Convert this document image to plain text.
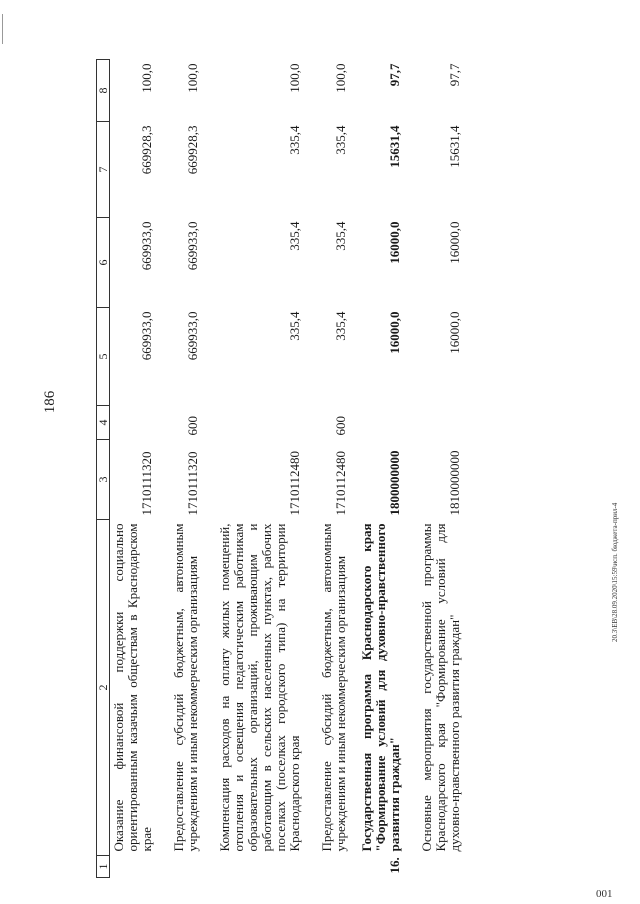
186
1	2	3	4	5	6	7	8
	Оказание финансовой поддержки социально ориентированным казачьим обществам в Краснодарском крае	1710111320		669933,0	669933,0	669928,3	100,0
	Предоставление субсидий бюджетным, автономным учреждениям и иным некоммерческим организациям	1710111320	600	669933,0	669933,0	669928,3	100,0
	Компенсация расходов на оплату жилых помещений, отопления и освещения педагогическим работникам образовательных организаций, проживающим и работающим в сельских населенных пунктах, рабочих поселках (поселках городского типа) на территории Краснодарского края	1710112480		335,4	335,4	335,4	100,0
	Предоставление субсидий бюджетным, автономным учреждениям и иным некоммерческим организациям	1710112480	600	335,4	335,4	335,4	100,0
16.	Государственная программа Краснодарского края "Формирование условий для духовно-нравственного развития граждан"	1800000000		16000,0	16000,0	15631,4	97,7
	Основные мероприятия государственной программы Краснодарского края "Формирование условий для духовно-нравственного развития граждан"	1810000000		16000,0	16000,0	15631,4	97,7
20.3\ЕВ\28.09.2020\15:59\исп. бюджета-прил-4
001
